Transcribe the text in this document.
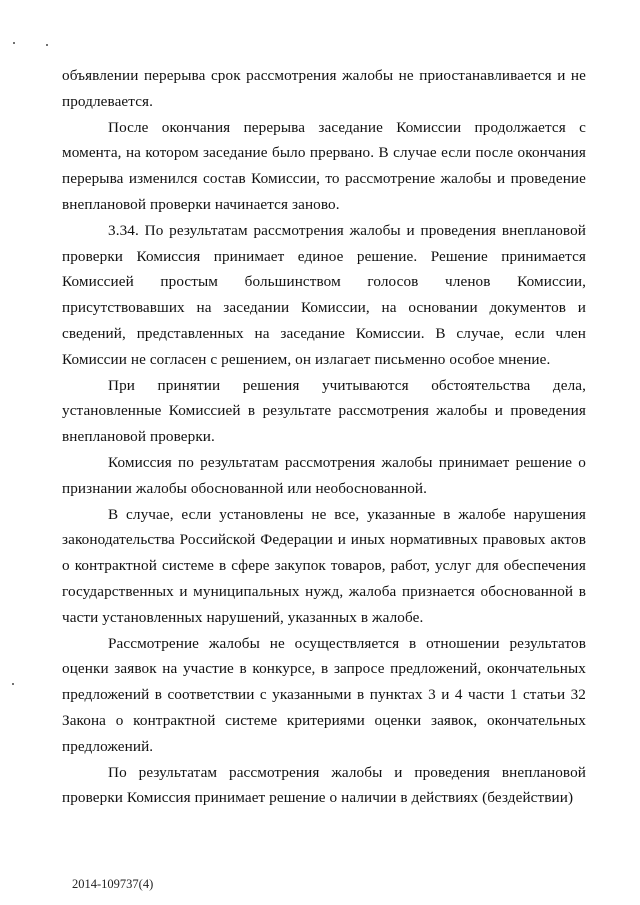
объявлении перерыва срок рассмотрения жалобы не приостанавливается и не продлевается.

После окончания перерыва заседание Комиссии продолжается с момента, на котором заседание было прервано. В случае если после окончания перерыва изменился состав Комиссии, то рассмотрение жалобы и проведение внеплановой проверки начинается заново.

3.34. По результатам рассмотрения жалобы и проведения внеплановой проверки Комиссия принимает единое решение. Решение принимается Комиссией простым большинством голосов членов Комиссии, присутствовавших на заседании Комиссии, на основании документов и сведений, представленных на заседание Комиссии. В случае, если член Комиссии не согласен с решением, он излагает письменно особое мнение.

При принятии решения учитываются обстоятельства дела, установленные Комиссией в результате рассмотрения жалобы и проведения внеплановой проверки.

Комиссия по результатам рассмотрения жалобы принимает решение о признании жалобы обоснованной или необоснованной.

В случае, если установлены не все, указанные в жалобе нарушения законодательства Российской Федерации и иных нормативных правовых актов о контрактной системе в сфере закупок товаров, работ, услуг для обеспечения государственных и муниципальных нужд, жалоба признается обоснованной в части установленных нарушений, указанных в жалобе.

Рассмотрение жалобы не осуществляется в отношении результатов оценки заявок на участие в конкурсе, в запросе предложений, окончательных предложений в соответствии с указанными в пунктах 3 и 4 части 1 статьи 32 Закона о контрактной системе критериями оценки заявок, окончательных предложений.

По результатам рассмотрения жалобы и проведения внеплановой проверки Комиссия принимает решение о наличии в действиях (бездействии)

2014-109737(4)
